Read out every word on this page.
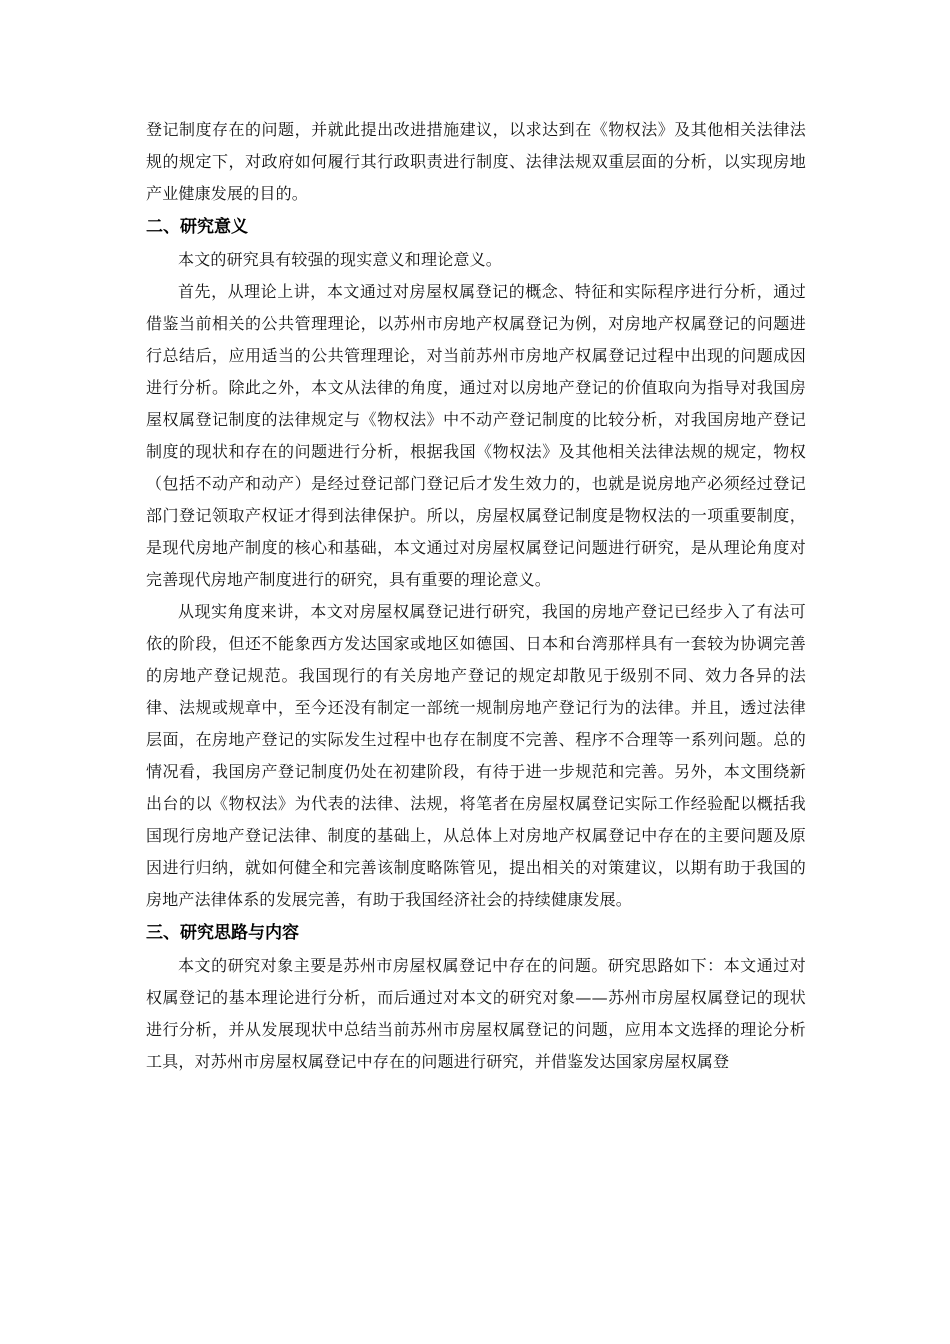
登记制度存在的问题，并就此提出改进措施建议，以求达到在《物权法》及其他相关法律法规的规定下，对政府如何履行其行政职责进行制度、法律法规双重层面的分析，以实现房地产业健康发展的目的。

二、研究意义

本文的研究具有较强的现实意义和理论意义。

首先，从理论上讲，本文通过对房屋权属登记的概念、特征和实际程序进行分析，通过借鉴当前相关的公共管理理论，以苏州市房地产权属登记为例，对房地产权属登记的问题进行总结后，应用适当的公共管理理论，对当前苏州市房地产权属登记过程中出现的问题成因进行分析。除此之外，本文从法律的角度，通过对以房地产登记的价值取向为指导对我国房屋权属登记制度的法律规定与《物权法》中不动产登记制度的比较分析，对我国房地产登记制度的现状和存在的问题进行分析，根据我国《物权法》及其他相关法律法规的规定，物权（包括不动产和动产）是经过登记部门登记后才发生效力的，也就是说房地产必须经过登记部门登记领取产权证才得到法律保护。所以，房屋权属登记制度是物权法的一项重要制度，是现代房地产制度的核心和基础，本文通过对房屋权属登记问题进行研究，是从理论角度对完善现代房地产制度进行的研究，具有重要的理论意义。

从现实角度来讲，本文对房屋权属登记进行研究，我国的房地产登记已经步入了有法可依的阶段，但还不能象西方发达国家或地区如德国、日本和台湾那样具有一套较为协调完善的房地产登记规范。我国现行的有关房地产登记的规定却散见于级别不同、效力各异的法律、法规或规章中，至今还没有制定一部统一规制房地产登记行为的法律。并且，透过法律层面，在房地产登记的实际发生过程中也存在制度不完善、程序不合理等一系列问题。总的情况看，我国房产登记制度仍处在初建阶段，有待于进一步规范和完善。另外，本文围绕新出台的以《物权法》为代表的法律、法规，将笔者在房屋权属登记实际工作经验配以概括我国现行房地产登记法律、制度的基础上，从总体上对房地产权属登记中存在的主要问题及原因进行归纳，就如何健全和完善该制度略陈管见，提出相关的对策建议，以期有助于我国的房地产法律体系的发展完善，有助于我国经济社会的持续健康发展。

三、研究思路与内容

本文的研究对象主要是苏州市房屋权属登记中存在的问题。研究思路如下：本文通过对权属登记的基本理论进行分析，而后通过对本文的研究对象——苏州市房屋权属登记的现状进行分析，并从发展现状中总结当前苏州市房屋权属登记的问题，应用本文选择的理论分析工具，对苏州市房屋权属登记中存在的问题进行研究，并借鉴发达国家房屋权属登
